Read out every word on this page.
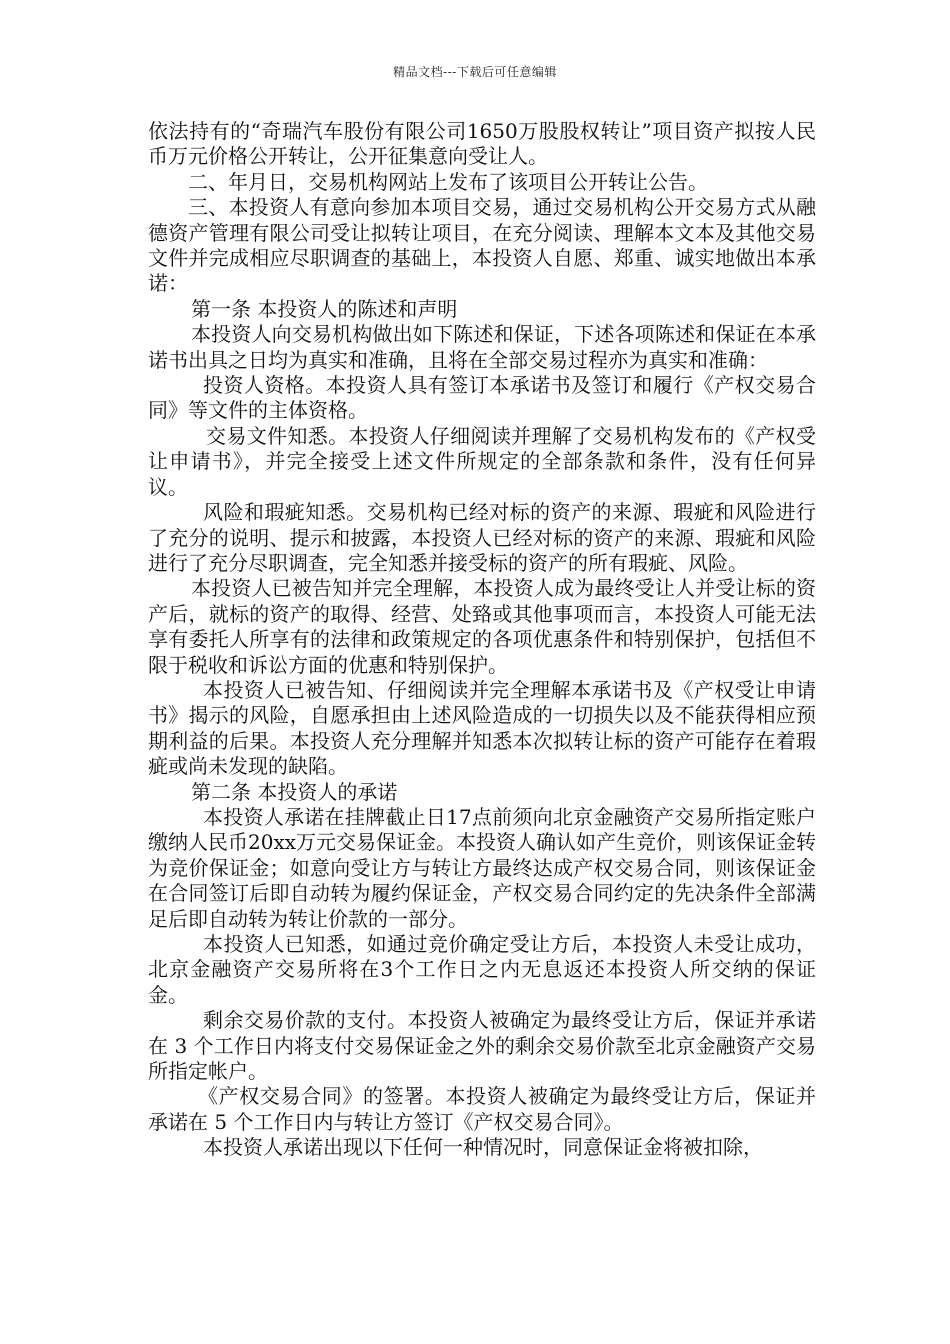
精品文档---下载后可任意编辑

依法持有的“奇瑞汽车股份有限公司1650万股股权转让”项目资产拟按人民币万元价格公开转让，公开征集意向受让人。

二、年月日，交易机构网站上发布了该项目公开转让公告。

三、本投资人有意向参加本项目交易，通过交易机构公开交易方式从融德资产管理有限公司受让拟转让项目，在充分阅读、理解本文本及其他交易文件并完成相应尽职调查的基础上，本投资人自愿、郑重、诚实地做出本承诺：

第一条 本投资人的陈述和声明

本投资人向交易机构做出如下陈述和保证，下述各项陈述和保证在本承诺书出具之日均为真实和准确，且将在全部交易过程亦为真实和准确：

投资人资格。本投资人具有签订本承诺书及签订和履行《产权交易合同》等文件的主体资格。

交易文件知悉。本投资人仔细阅读并理解了交易机构发布的《产权受让申请书》，并完全接受上述文件所规定的全部条款和条件，没有任何异议。

风险和瑕疵知悉。交易机构已经对标的资产的来源、瑕疵和风险进行了充分的说明、提示和披露，本投资人已经对标的资产的来源、瑕疵和风险进行了充分尽职调查，完全知悉并接受标的资产的所有瑕疵、风险。

本投资人已被告知并完全理解，本投资人成为最终受让人并受让标的资产后，就标的资产的取得、经营、处臵或其他事项而言，本投资人可能无法享有委托人所享有的法律和政策规定的各项优惠条件和特别保护，包括但不限于税收和诉讼方面的优惠和特别保护。

本投资人已被告知、仔细阅读并完全理解本承诺书及《产权受让申请书》揭示的风险，自愿承担由上述风险造成的一切损失以及不能获得相应预期利益的后果。本投资人充分理解并知悉本次拟转让标的资产可能存在着瑕疵或尚未发现的缺陷。

第二条 本投资人的承诺

本投资人承诺在挂牌截止日17点前须向北京金融资产交易所指定账户缴纳人民币20xx万元交易保证金。本投资人确认如产生竞价，则该保证金转为竞价保证金；如意向受让方与转让方最终达成产权交易合同，则该保证金在合同签订后即自动转为履约保证金，产权交易合同约定的先决条件全部满足后即自动转为转让价款的一部分。

本投资人已知悉，如通过竞价确定受让方后，本投资人未受让成功，北京金融资产交易所将在3个工作日之内无息返还本投资人所交纳的保证金。

剩余交易价款的支付。本投资人被确定为最终受让方后，保证并承诺在 3 个工作日内将支付交易保证金之外的剩余交易价款至北京金融资产交易所指定帐户。

《产权交易合同》的签署。本投资人被确定为最终受让方后，保证并承诺在 5 个工作日内与转让方签订《产权交易合同》。

本投资人承诺出现以下任何一种情况时，同意保证金将被扣除，
